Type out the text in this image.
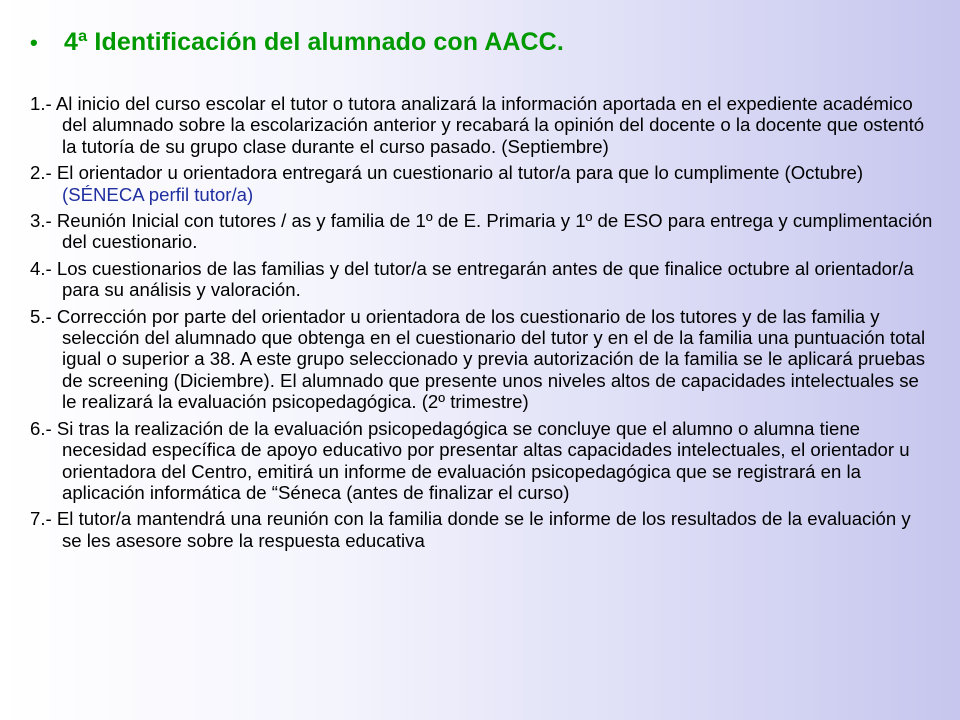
•	4ª Identificación del alumnado con AACC.
1.- Al inicio del curso escolar el tutor o tutora analizará la información aportada en el expediente académico del alumnado sobre la escolarización anterior y recabará la opinión del docente o la docente que ostentó la tutoría de su grupo clase durante el curso pasado. (Septiembre)
2.- El orientador u orientadora entregará un cuestionario al tutor/a para que lo cumplimente (Octubre) (SÉNECA perfil tutor/a)
3.- Reunión Inicial con tutores / as y familia de 1º de E. Primaria y 1º de ESO para entrega y cumplimentación del cuestionario.
4.- Los cuestionarios de las familias y del tutor/a se entregarán antes de que finalice octubre al orientador/a para su análisis y valoración.
5.- Corrección por parte del orientador u orientadora de los cuestionario de los tutores y de las familia y selección del alumnado que obtenga en el cuestionario del tutor y en el de la familia una puntuación total igual o superior a 38. A este grupo seleccionado y previa autorización de la familia se le aplicará pruebas de screening (Diciembre). El alumnado que presente unos niveles altos de capacidades intelectuales se le realizará la evaluación psicopedagógica. (2º trimestre)
6.- Si tras la realización de la evaluación psicopedagógica se concluye que el alumno o alumna tiene necesidad específica de apoyo educativo por presentar altas capacidades intelectuales, el orientador u orientadora del Centro, emitirá un informe de evaluación psicopedagógica que se registrará en la aplicación informática de “Séneca (antes de finalizar el curso)
7.- El tutor/a mantendrá una reunión con la familia donde se le informe de los resultados de la evaluación y se les asesore sobre la respuesta educativa
